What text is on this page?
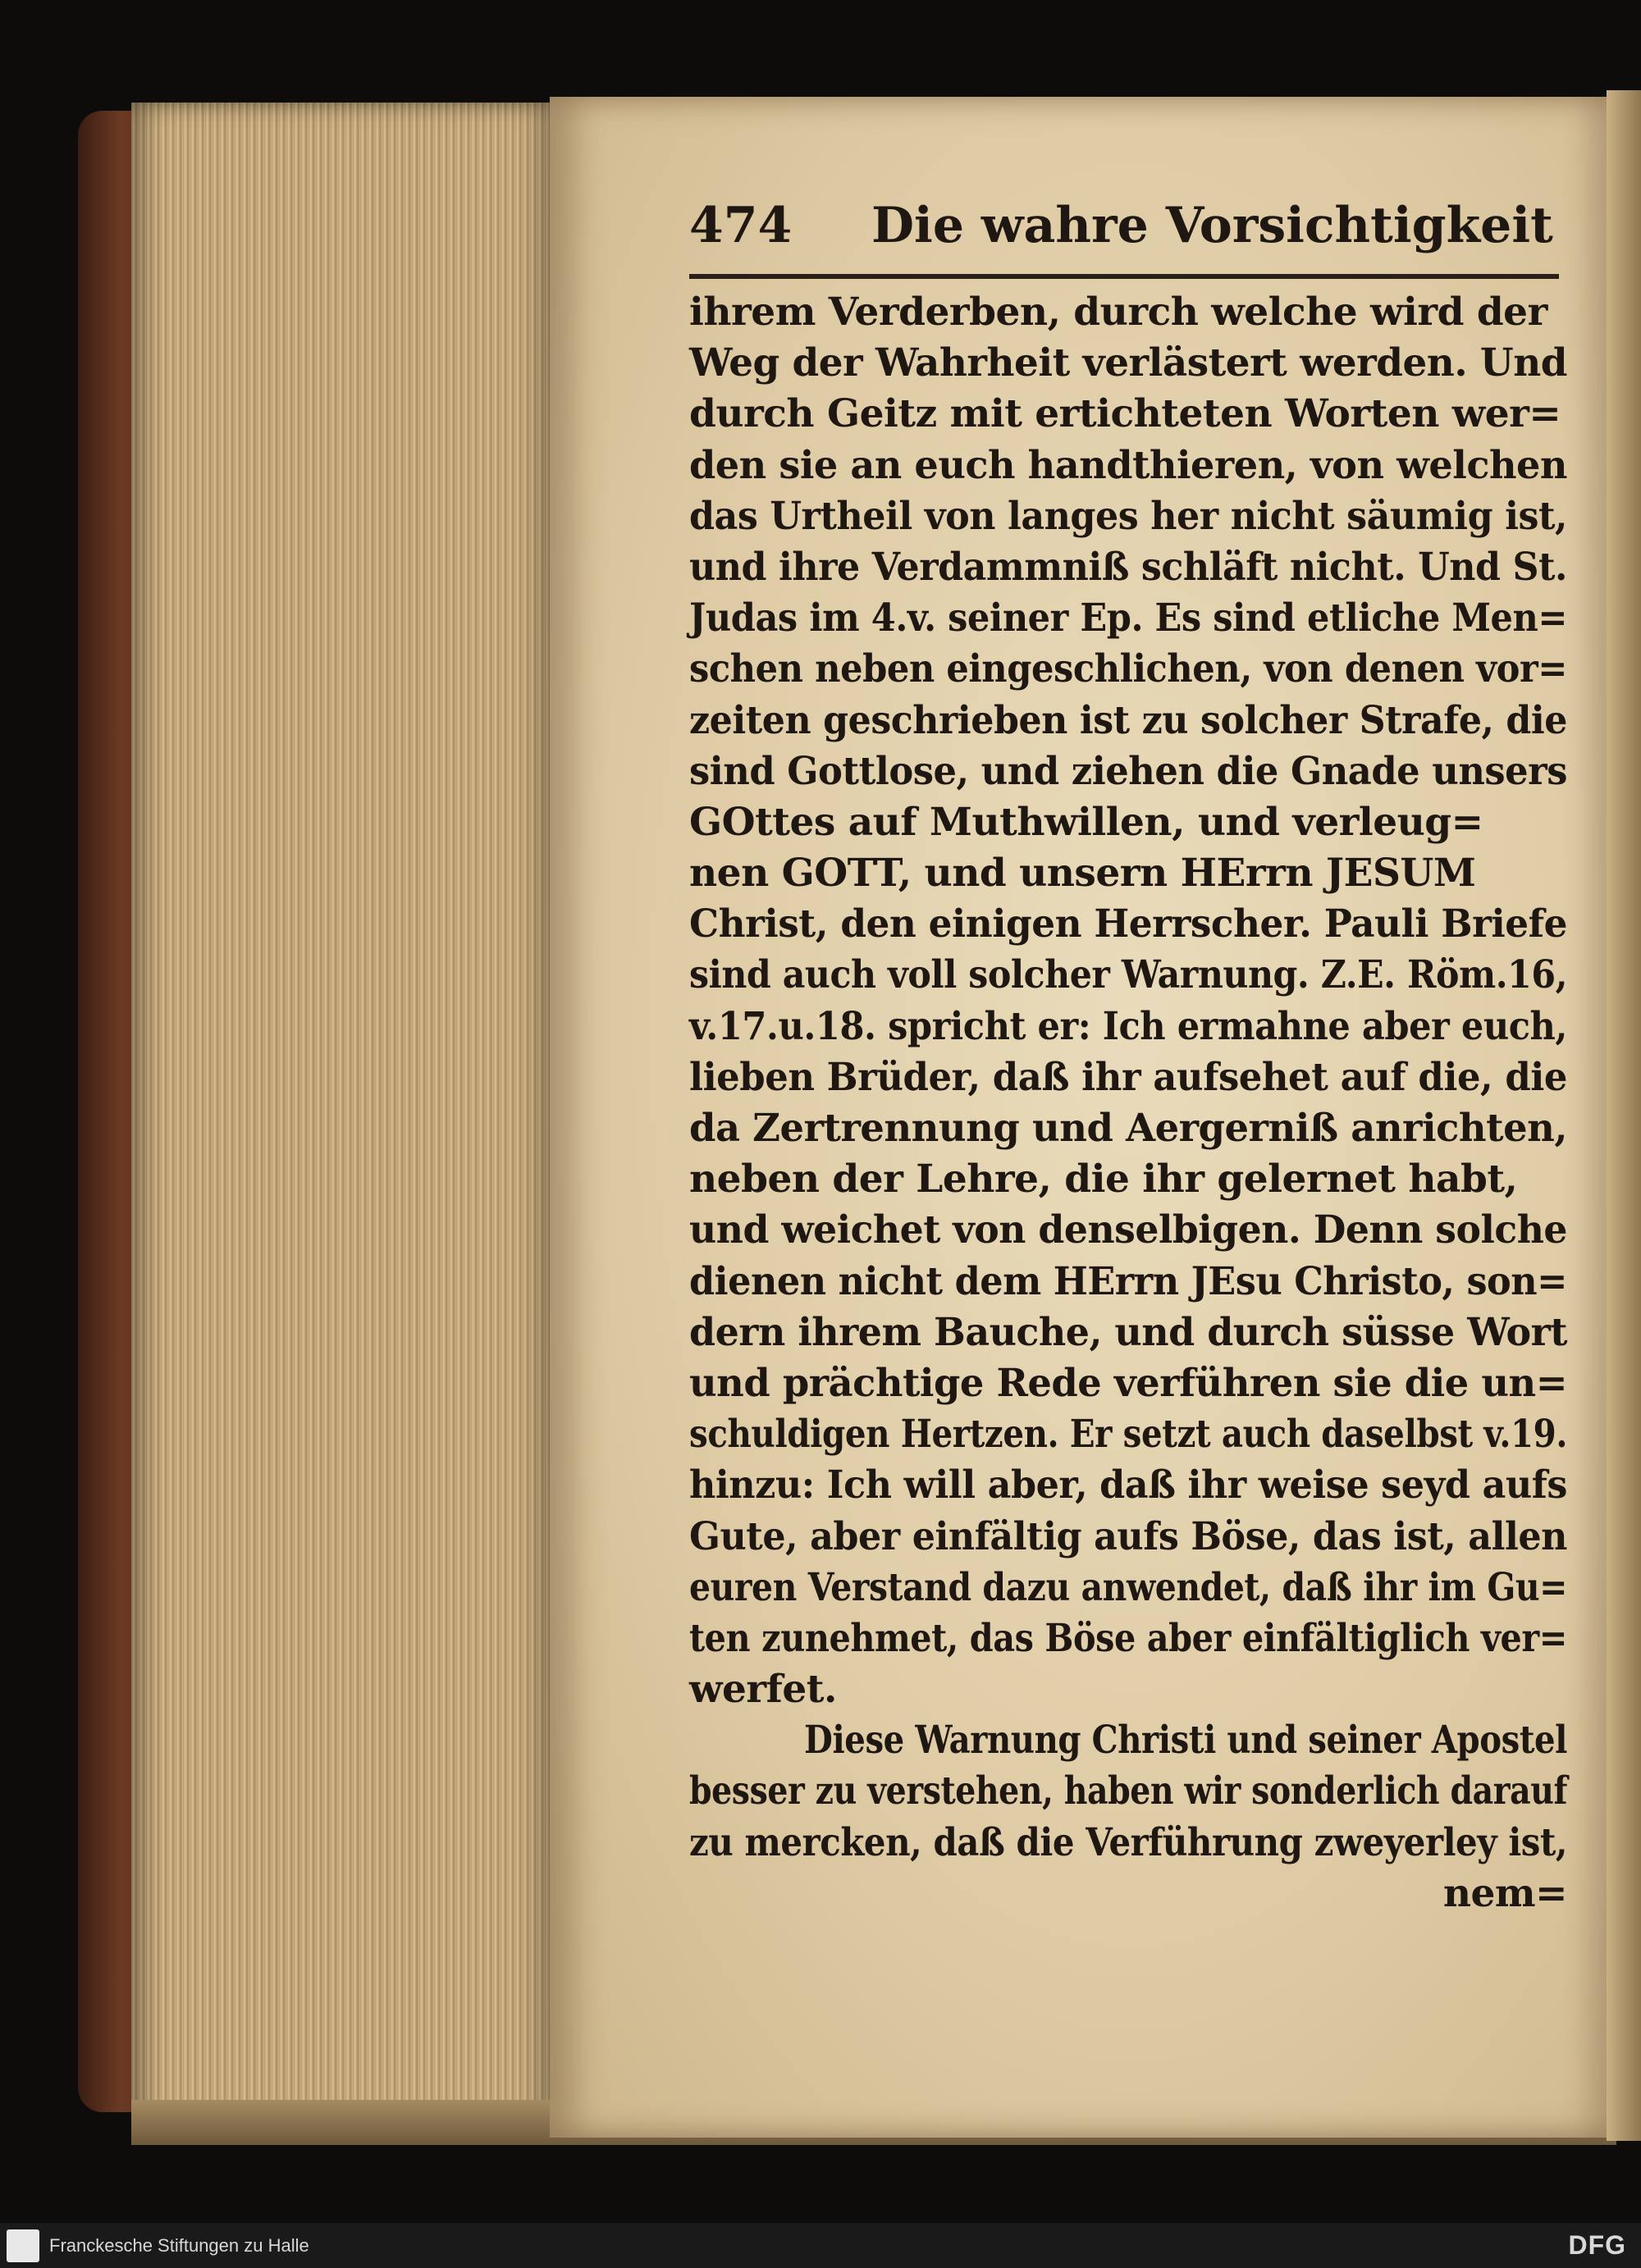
474 Die wahre Vorsichtigkeit
ihrem Verderben, durch welche wird der
Weg der Wahrheit verlästert werden. Und
durch Geitz mit ertichteten Worten wer=
den sie an euch handthieren, von welchen
das Urtheil von langes her nicht säumig ist,
und ihre Verdammniß schläft nicht. Und St.
Judas im 4.v. seiner Ep. Es sind etliche Men=
schen neben eingeschlichen, von denen vor=
zeiten geschrieben ist zu solcher Strafe, die
sind Gottlose, und ziehen die Gnade unsers
GOttes auf Muthwillen, und verleug=
nen GOTT, und unsern HErrn JESUM
Christ, den einigen Herrscher. Pauli Briefe
sind auch voll solcher Warnung. Z.E. Röm.16,
v.17.u.18. spricht er: Ich ermahne aber euch,
lieben Brüder, daß ihr aufsehet auf die, die
da Zertrennung und Aergerniß anrichten,
neben der Lehre, die ihr gelernet habt,
und weichet von denselbigen. Denn solche
dienen nicht dem HErrn JEsu Christo, son=
dern ihrem Bauche, und durch süsse Wort
und prächtige Rede verführen sie die un=
schuldigen Hertzen. Er setzt auch daselbst v.19.
hinzu: Ich will aber, daß ihr weise seyd aufs
Gute, aber einfältig aufs Böse, das ist, allen
euren Verstand dazu anwendet, daß ihr im Gu=
ten zunehmet, das Böse aber einfältiglich ver=
werfet.
Diese Warnung Christi und seiner Apostel
besser zu verstehen, haben wir sonderlich darauf
zu mercken, daß die Verführung zweyerley ist,
nem=
Franckesche Stiftungen zu Halle	DFG
